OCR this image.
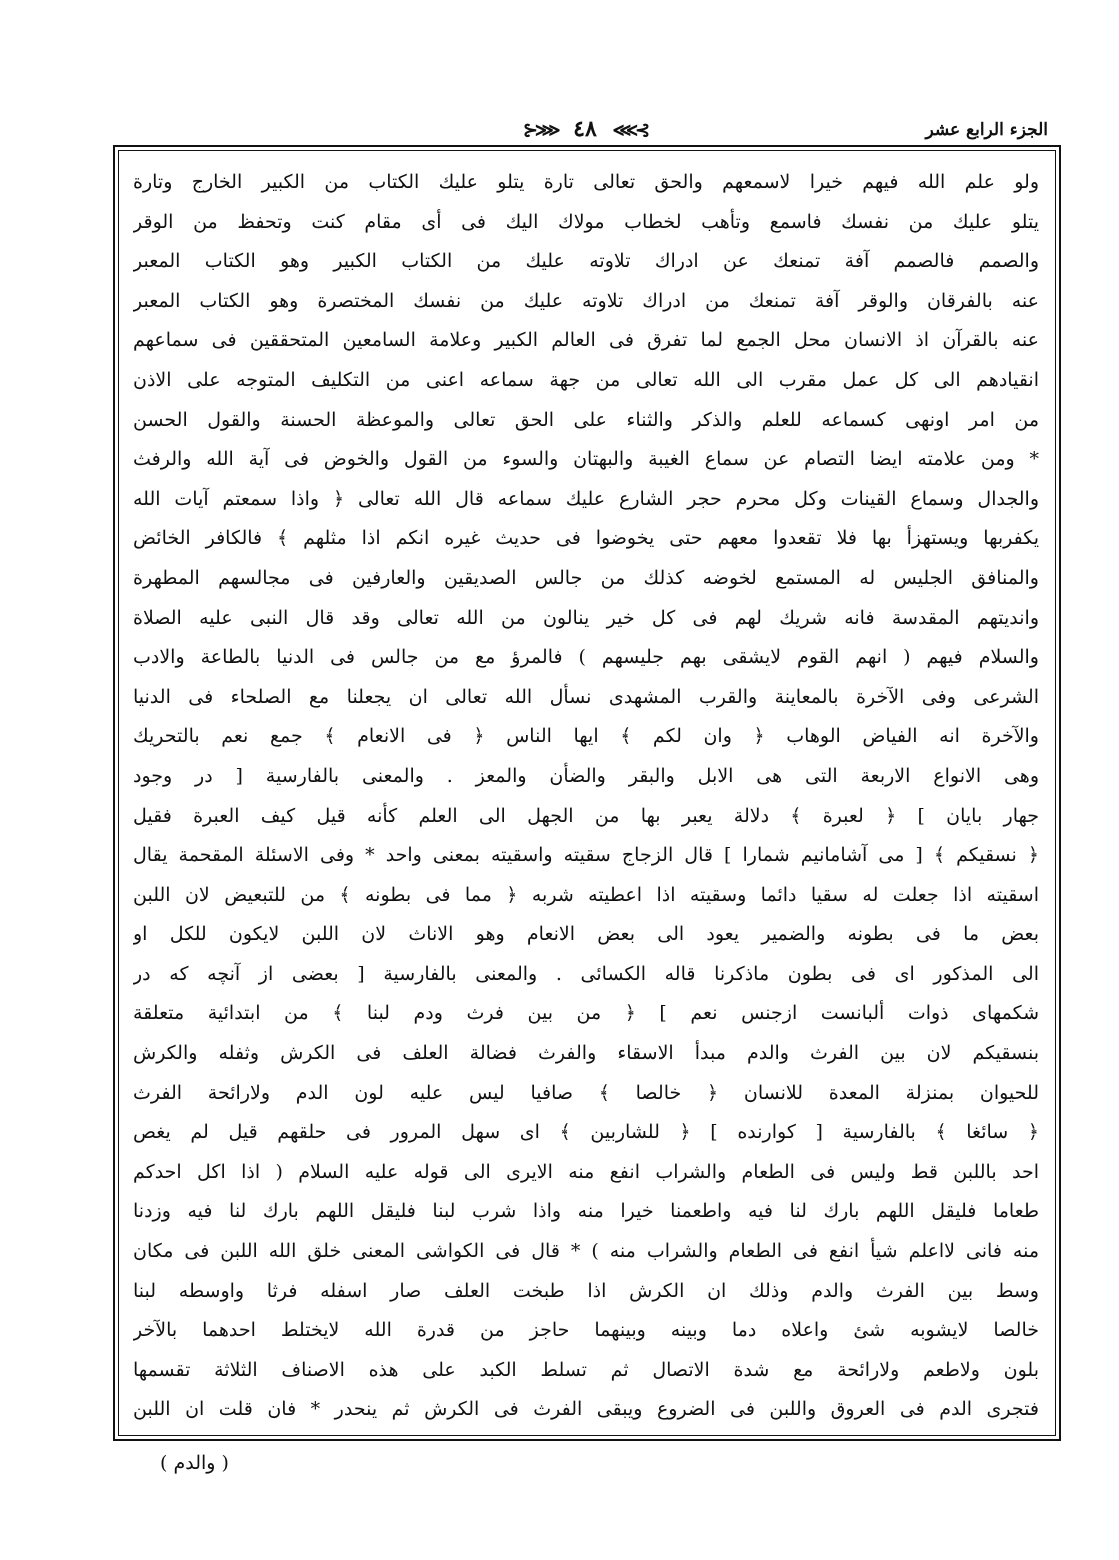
الجزء الرابع عشر
⊱⋙ ٤٨ ⋘⊰
ولو علم الله فيهم خيرا لاسمعهم والحق تعالى تارة يتلو عليك الكتاب من الكبير الخارج وتارة
يتلو عليك من نفسك فاسمع وتأهب لخطاب مولاك اليك فى أى مقام كنت وتحفظ من الوقر
والصمم فالصمم آفة تمنعك عن ادراك تلاوته عليك من الكتاب الكبير وهو الكتاب المعبر
عنه بالفرقان والوقر آفة تمنعك من ادراك تلاوته عليك من نفسك المختصرة وهو الكتاب المعبر
عنه بالقرآن اذ الانسان محل الجمع لما تفرق فى العالم الكبير وعلامة السامعين المتحققين فى سماعهم
انقيادهم الى كل عمل مقرب الى الله تعالى من جهة سماعه اعنى من التكليف المتوجه على الاذن
من امر اونهى كسماعه للعلم والذكر والثناء على الحق تعالى والموعظة الحسنة والقول الحسن
* ومن علامته ايضا التصام عن سماع الغيبة والبهتان والسوء من القول والخوض فى آية الله والرفث
والجدال وسماع القينات وكل محرم حجر الشارع عليك سماعه قال الله تعالى ﴿ واذا سمعتم آيات الله
يكفربها ويستهزأ بها فلا تقعدوا معهم حتى يخوضوا فى حديث غيره انكم اذا مثلهم ﴾ فالكافر الخائض
والمنافق الجليس له المستمع لخوضه كذلك من جالس الصديقين والعارفين فى مجالسهم المطهرة
وانديتهم المقدسة فانه شريك لهم فى كل خير ينالون من الله تعالى وقد قال النبى عليه الصلاة
والسلام فيهم ( انهم القوم لايشقى بهم جليسهم ) فالمرؤ مع من جالس فى الدنيا بالطاعة والادب
الشرعى وفى الآخرة بالمعاينة والقرب المشهدى نسأل الله تعالى ان يجعلنا مع الصلحاء فى الدنيا
والآخرة انه الفياض الوهاب ﴿ وان لكم ﴾ ايها الناس ﴿ فى الانعام ﴾ جمع نعم بالتحريك
وهى الانواع الاربعة التى هى الابل والبقر والضأن والمعز . والمعنى بالفارسية [ در وجود
جهار بايان ] ﴿ لعبرة ﴾ دلالة يعبر بها من الجهل الى العلم كأنه قيل كيف العبرة فقيل
﴿ نسقيكم ﴾ [ مى آشامانيم شمارا ] قال الزجاج سقيته واسقيته بمعنى واحد * وفى الاسئلة المقحمة يقال
اسقيته اذا جعلت له سقيا دائما وسقيته اذا اعطيته شربه ﴿ مما فى بطونه ﴾ من للتبعيض لان اللبن
بعض ما فى بطونه والضمير يعود الى بعض الانعام وهو الاناث لان اللبن لايكون للكل او
الى المذكور اى فى بطون ماذكرنا قاله الكسائى . والمعنى بالفارسية [ بعضى از آنچه كه در
شكمهاى ذوات ألبانست ازجنس نعم ] ﴿ من بين فرث ودم لبنا ﴾ من ابتدائية متعلقة
بنسقيكم لان بين الفرث والدم مبدأ الاسقاء والفرث فضالة العلف فى الكرش وثفله والكرش
للحيوان بمنزلة المعدة للانسان ﴿ خالصا ﴾ صافيا ليس عليه لون الدم ولارائحة الفرث
﴿ سائغا ﴾ بالفارسية [ كوارنده ] ﴿ للشاربين ﴾ اى سهل المرور فى حلقهم قيل لم يغص
احد باللبن قط وليس فى الطعام والشراب انفع منه الايرى الى قوله عليه السلام ( اذا اكل احدكم
طعاما فليقل اللهم بارك لنا فيه واطعمنا خيرا منه واذا شرب لبنا فليقل اللهم بارك لنا فيه وزدنا
منه فانى لااعلم شيأ انفع فى الطعام والشراب منه ) * قال فى الكواشى المعنى خلق الله اللبن فى مكان
وسط بين الفرث والدم وذلك ان الكرش اذا طبخت العلف صار اسفله فرثا واوسطه لبنا
خالصا لايشوبه شئ واعلاه دما وبينه وبينهما حاجز من قدرة الله لايختلط احدهما بالآخر
بلون ولاطعم ولارائحة مع شدة الاتصال ثم تسلط الكبد على هذه الاصناف الثلاثة تقسمها
فتجرى الدم فى العروق واللبن فى الضروع ويبقى الفرث فى الكرش ثم ينحدر * فان قلت ان اللبن
( والدم )
